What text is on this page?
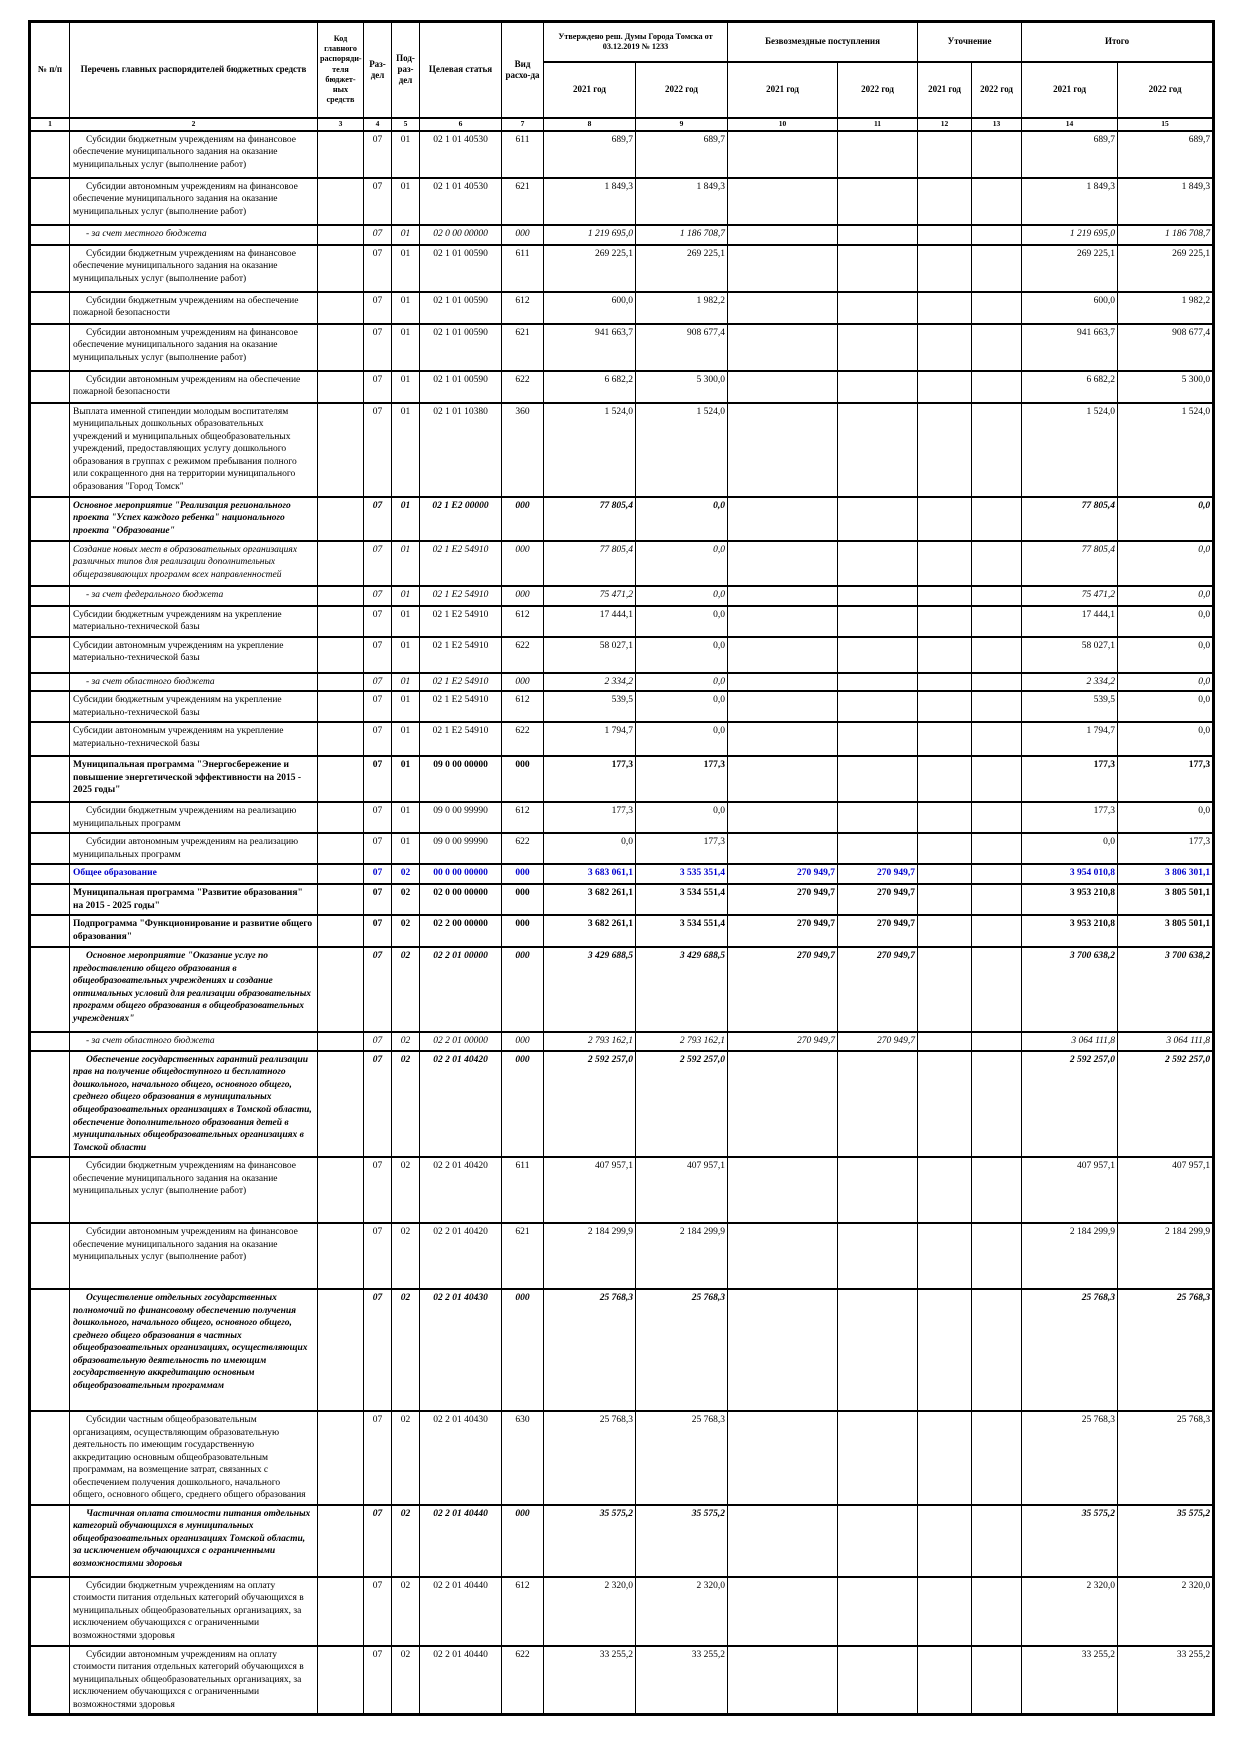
№ п/п	Перечень главных распорядителей бюджетных средств	Код главного распоряди-теля бюджет-ных средств	Раз-дел	Под-раз-дел	Целевая статья	Вид расхо-да	Утверждено реш. Думы Города Томска от 03.12.2019 № 1233		Безвозмездные поступления		Уточнение		Итого	
							2021 год	2022 год	2021 год	2022 год	2021 год	2022 год	2021 год	2022 год
1	2	3	4	5	6	7	8	9	10	11	12	13	14	15
	Субсидии бюджетным учреждениям на финансовое обеспечение муниципального задания на оказание муниципальных услуг (выполнение работ)		07	01	02 1 01 40530	611	689,7	689,7					689,7	689,7
	Субсидии автономным учреждениям на финансовое обеспечение муниципального задания на оказание муниципальных услуг (выполнение работ)		07	01	02 1 01 40530	621	1 849,3	1 849,3					1 849,3	1 849,3
	- за счет местного бюджета		07	01	02 0 00 00000	000	1 219 695,0	1 186 708,7					1 219 695,0	1 186 708,7
	Субсидии бюджетным учреждениям на финансовое обеспечение муниципального задания на оказание муниципальных услуг (выполнение работ)		07	01	02 1 01 00590	611	269 225,1	269 225,1					269 225,1	269 225,1
	Субсидии бюджетным учреждениям на обеспечение пожарной безопасности		07	01	02 1 01 00590	612	600,0	1 982,2					600,0	1 982,2
	Субсидии автономным учреждениям на финансовое обеспечение муниципального задания на оказание муниципальных услуг (выполнение работ)		07	01	02 1 01 00590	621	941 663,7	908 677,4					941 663,7	908 677,4
	Субсидии автономным учреждениям на обеспечение пожарной безопасности		07	01	02 1 01 00590	622	6 682,2	5 300,0					6 682,2	5 300,0
	Выплата именной стипендии молодым воспитателям муниципальных дошкольных образовательных учреждений и муниципальных общеобразовательных учреждений, предоставляющих услугу дошкольного образования в группах с режимом пребывания полного или сокращенного дня на территории муниципального образования "Город Томск"		07	01	02 1 01 10380	360	1 524,0	1 524,0					1 524,0	1 524,0
	Основное мероприятие "Реализация регионального проекта "Успех каждого ребенка" национального проекта "Образование"		07	01	02 1 Е2 00000	000	77 805,4	0,0					77 805,4	0,0
	Создание новых мест в образовательных организациях различных типов для реализации дополнительных общеразвивающих программ всех направленностей		07	01	02 1 Е2 54910	000	77 805,4	0,0					77 805,4	0,0
	- за счет федерального бюджета		07	01	02 1 Е2 54910	000	75 471,2	0,0					75 471,2	0,0
	Субсидии бюджетным учреждениям на укрепление материально-технической базы		07	01	02 1 Е2 54910	612	17 444,1	0,0					17 444,1	0,0
	Субсидии автономным учреждениям на укрепление материально-технической базы		07	01	02 1 Е2 54910	622	58 027,1	0,0					58 027,1	0,0
	- за счет областного бюджета		07	01	02 1 Е2 54910	000	2 334,2	0,0					2 334,2	0,0
	Субсидии бюджетным учреждениям на укрепление материально-технической базы		07	01	02 1 Е2 54910	612	539,5	0,0					539,5	0,0
	Субсидии автономным учреждениям на укрепление материально-технической базы		07	01	02 1 Е2 54910	622	1 794,7	0,0					1 794,7	0,0
	Муниципальная программа "Энергосбережение и повышение энергетической эффективности на 2015 - 2025 годы"		07	01	09 0 00 00000	000	177,3	177,3					177,3	177,3
	Субсидии бюджетным учреждениям на реализацию муниципальных программ		07	01	09 0 00 99990	612	177,3	0,0					177,3	0,0
	Субсидии автономным учреждениям на реализацию муниципальных программ		07	01	09 0 00 99990	622	0,0	177,3					0,0	177,3
	Общее образование		07	02	00 0 00 00000	000	3 683 061,1	3 535 351,4	270 949,7	270 949,7			3 954 010,8	3 806 301,1
	Муниципальная программа "Развитие образования" на 2015 - 2025 годы"		07	02	02 0 00 00000	000	3 682 261,1	3 534 551,4	270 949,7	270 949,7			3 953 210,8	3 805 501,1
	Подпрограмма "Функционирование и развитие общего образования"		07	02	02 2 00 00000	000	3 682 261,1	3 534 551,4	270 949,7	270 949,7			3 953 210,8	3 805 501,1
	Основное мероприятие "Оказание услуг по предоставлению общего образования в общеобразовательных учреждениях и создание оптимальных условий для реализации образовательных программ общего образования в общеобразовательных учреждениях"		07	02	02 2 01 00000	000	3 429 688,5	3 429 688,5	270 949,7	270 949,7			3 700 638,2	3 700 638,2
	- за счет областного бюджета		07	02	02 2 01 00000	000	2 793 162,1	2 793 162,1	270 949,7	270 949,7			3 064 111,8	3 064 111,8
	Обеспечение государственных гарантий реализации прав на получение общедоступного и бесплатного дошкольного, начального общего, основного общего, среднего общего образования в муниципальных общеобразовательных организациях в Томской области, обеспечение дополнительного образования детей в муниципальных общеобразовательных организациях в Томской области		07	02	02 2 01 40420	000	2 592 257,0	2 592 257,0					2 592 257,0	2 592 257,0
	Субсидии бюджетным учреждениям на финансовое обеспечение муниципального задания на оказание муниципальных услуг (выполнение работ)		07	02	02 2 01 40420	611	407 957,1	407 957,1					407 957,1	407 957,1
	Субсидии автономным учреждениям на финансовое обеспечение муниципального задания на оказание муниципальных услуг (выполнение работ)		07	02	02 2 01 40420	621	2 184 299,9	2 184 299,9					2 184 299,9	2 184 299,9
	Осуществление отдельных государственных полномочий по финансовому обеспечению получения дошкольного, начального общего, основного общего, среднего общего образования в частных общеобразовательных организациях, осуществляющих образовательную деятельность по имеющим государственную аккредитацию основным общеобразовательным программам		07	02	02 2 01 40430	000	25 768,3	25 768,3					25 768,3	25 768,3
	Субсидии частным общеобразовательным организациям, осуществляющим образовательную деятельность по имеющим государственную аккредитацию основным общеобразовательным программам, на возмещение затрат, связанных с обеспечением получения дошкольного, начального общего, основного общего, среднего общего образования		07	02	02 2 01 40430	630	25 768,3	25 768,3					25 768,3	25 768,3
	Частичная оплата стоимости питания отдельных категорий обучающихся в муниципальных общеобразовательных организациях Томской области, за исключением обучающихся с ограниченными возможностями здоровья		07	02	02 2 01 40440	000	35 575,2	35 575,2					35 575,2	35 575,2
	Субсидии бюджетным учреждениям на оплату стоимости питания отдельных категорий обучающихся в муниципальных общеобразовательных организациях, за исключением обучающихся с ограниченными возможностями здоровья		07	02	02 2 01 40440	612	2 320,0	2 320,0					2 320,0	2 320,0
	Субсидии автономным учреждениям на оплату стоимости питания отдельных категорий обучающихся в муниципальных общеобразовательных организациях, за исключением обучающихся с ограниченными возможностями здоровья		07	02	02 2 01 40440	622	33 255,2	33 255,2					33 255,2	33 255,2
